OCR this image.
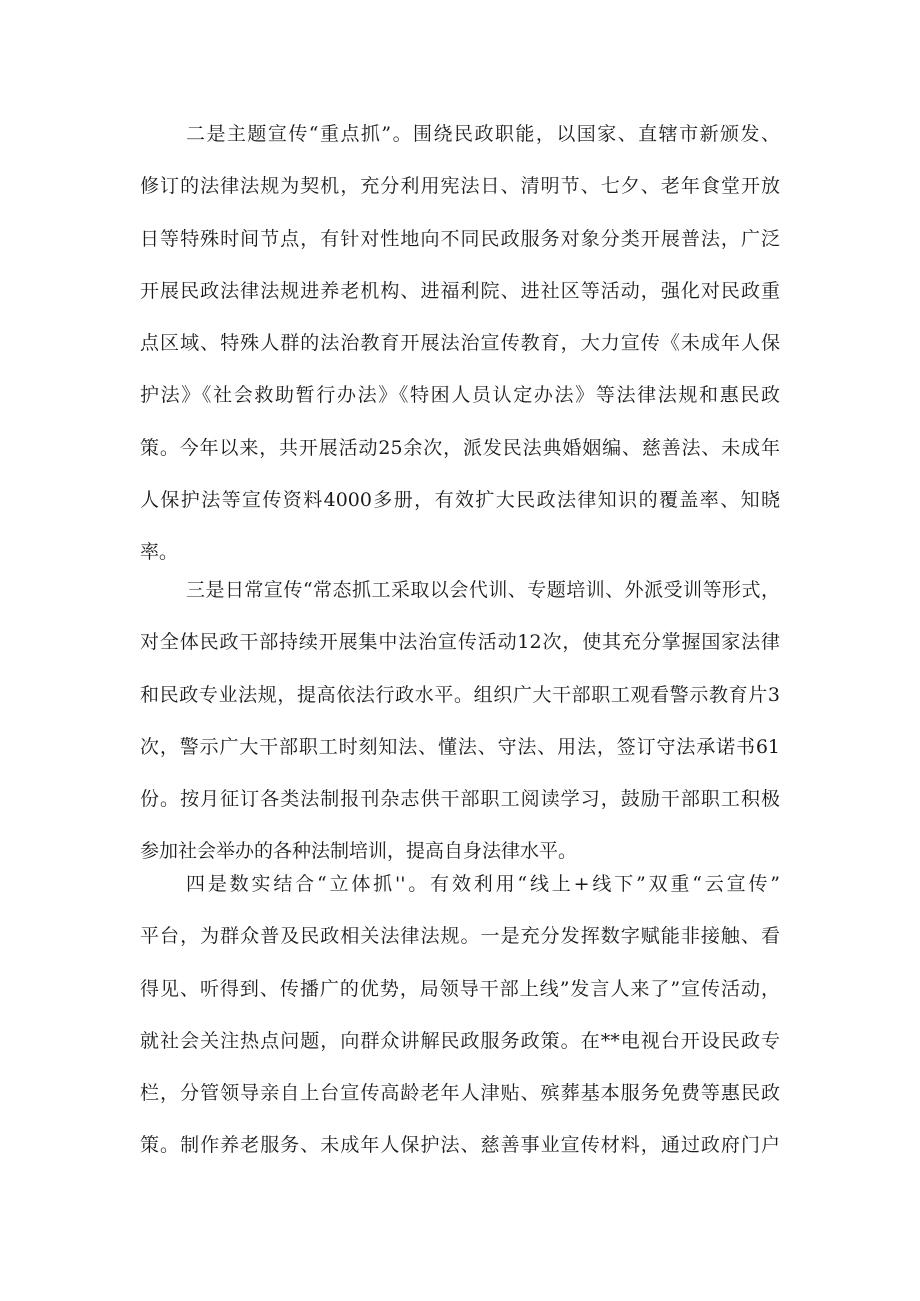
二是主题宣传“重点抓”。围绕民政职能，以国家、直辖市新颁发、
修订的法律法规为契机，充分利用宪法日、清明节、七夕、老年食堂开放
日等特殊时间节点，有针对性地向不同民政服务对象分类开展普法，广泛
开展民政法律法规进养老机构、进福利院、进社区等活动，强化对民政重
点区域、特殊人群的法治教育开展法治宣传教育，大力宣传《未成年人保
护法》《社会救助暂行办法》《特困人员认定办法》等法律法规和惠民政
策。今年以来，共开展活动25余次，派发民法典婚姻编、慈善法、未成年
人保护法等宣传资料4000多册，有效扩大民政法律知识的覆盖率、知晓
率。
三是日常宣传“常态抓工采取以会代训、专题培训、外派受训等形式，
对全体民政干部持续开展集中法治宣传活动12次，使其充分掌握国家法律
和民政专业法规，提高依法行政水平。组织广大干部职工观看警示教育片3
次，警示广大干部职工时刻知法、懂法、守法、用法，签订守法承诺书61
份。按月征订各类法制报刊杂志供干部职工阅读学习，鼓励干部职工积极
参加社会举办的各种法制培训，提高自身法律水平。
四是数实结合“立体抓''。有效利用“线上+线下”双重“云宣传”
平台，为群众普及民政相关法律法规。一是充分发挥数字赋能非接触、看
得见、听得到、传播广的优势，局领导干部上线”发言人来了”宣传活动，
就社会关注热点问题，向群众讲解民政服务政策。在**电视台开设民政专
栏，分管领导亲自上台宣传高龄老年人津贴、殡葬基本服务免费等惠民政
策。制作养老服务、未成年人保护法、慈善事业宣传材料，通过政府门户
